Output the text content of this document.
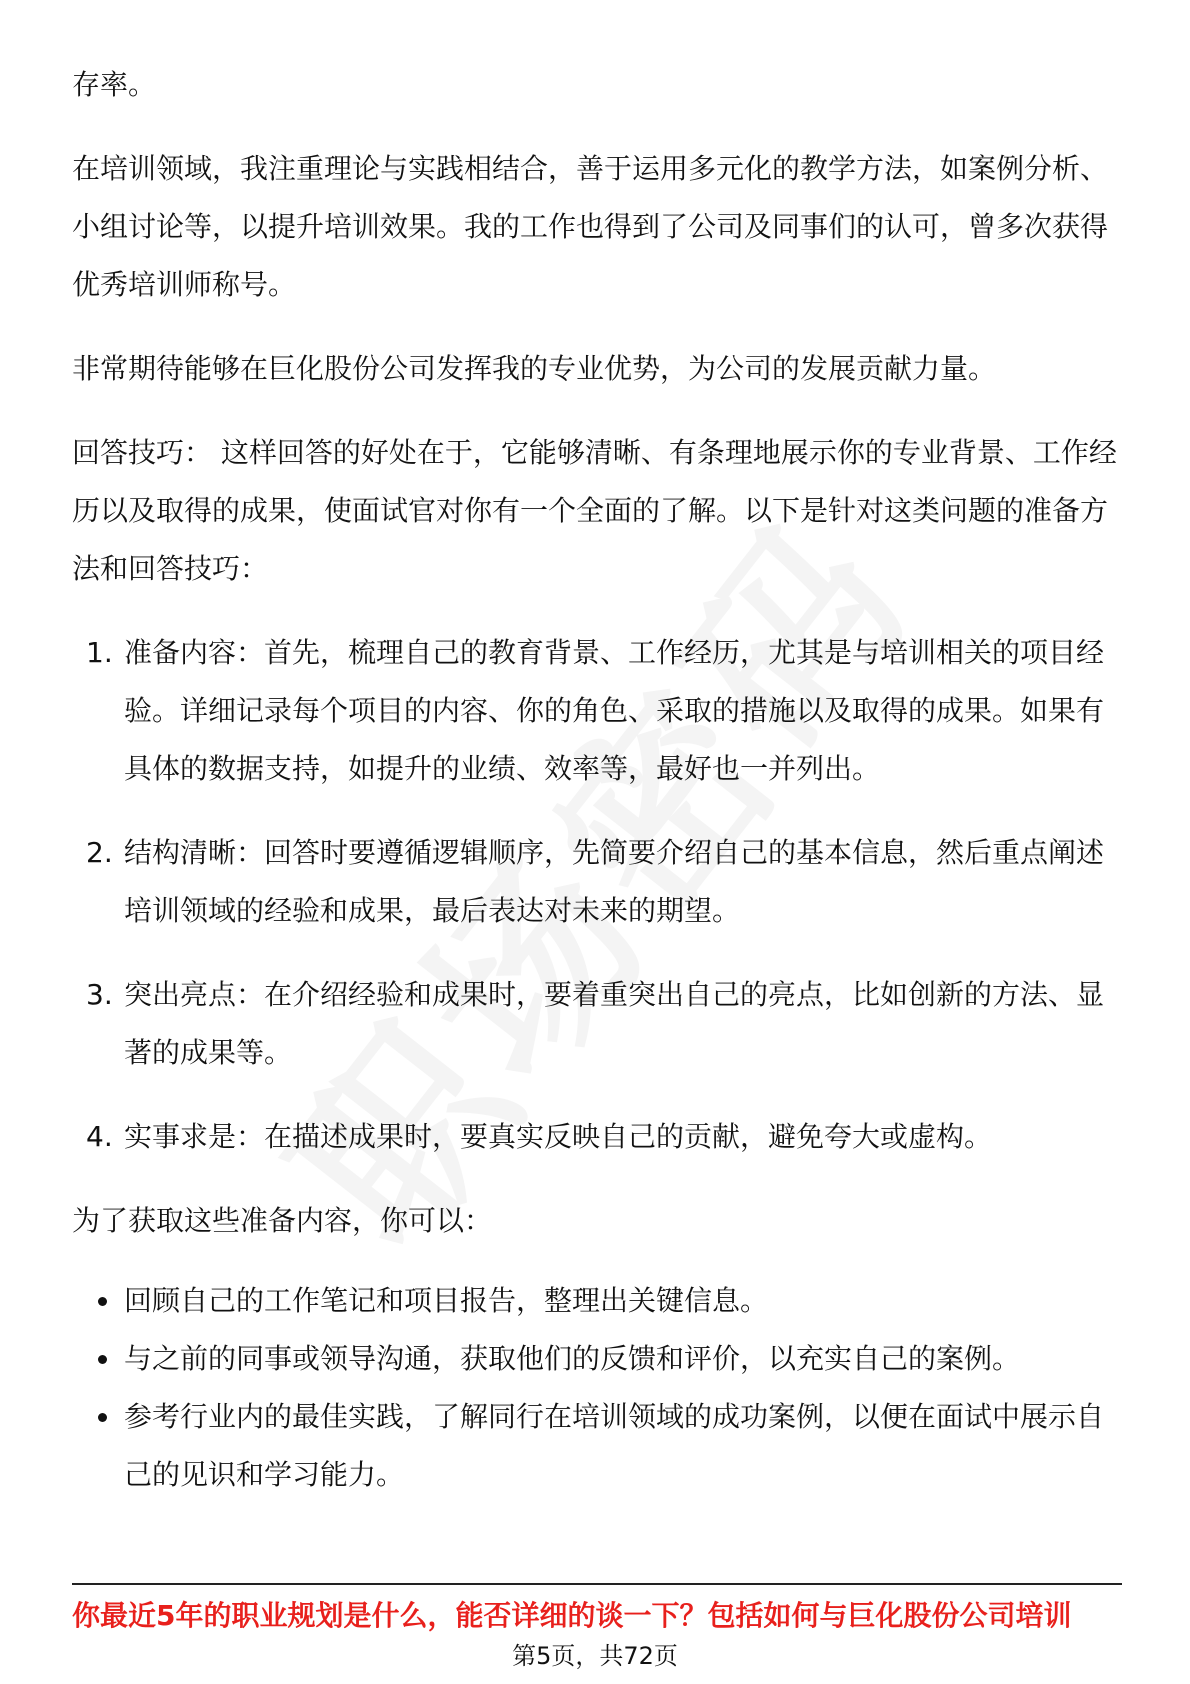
存率。

在培训领域，我注重理论与实践相结合，善于运用多元化的教学方法，如案例分析、小组讨论等，以提升培训效果。我的工作也得到了公司及同事们的认可，曾多次获得优秀培训师称号。

非常期待能够在巨化股份公司发挥我的专业优势，为公司的发展贡献力量。

回答技巧： 这样回答的好处在于，它能够清晰、有条理地展示你的专业背景、工作经历以及取得的成果，使面试官对你有一个全面的了解。以下是针对这类问题的准备方法和回答技巧：

1. 准备内容：首先，梳理自己的教育背景、工作经历，尤其是与培训相关的项目经验。详细记录每个项目的内容、你的角色、采取的措施以及取得的成果。如果有具体的数据支持，如提升的业绩、效率等，最好也一并列出。
2. 结构清晰：回答时要遵循逻辑顺序，先简要介绍自己的基本信息，然后重点阐述培训领域的经验和成果，最后表达对未来的期望。
3. 突出亮点：在介绍经验和成果时，要着重突出自己的亮点，比如创新的方法、显著的成果等。
4. 实事求是：在描述成果时，要真实反映自己的贡献，避免夸大或虚构。

为了获取这些准备内容，你可以：

回顾自己的工作笔记和项目报告，整理出关键信息。
与之前的同事或领导沟通，获取他们的反馈和评价，以充实自己的案例。
参考行业内的最佳实践，了解同行在培训领域的成功案例，以便在面试中展示自己的见识和学习能力。
你最近5年的职业规划是什么，能否详细的谈一下？包括如何与巨化股份公司培训
第5页，共72页
